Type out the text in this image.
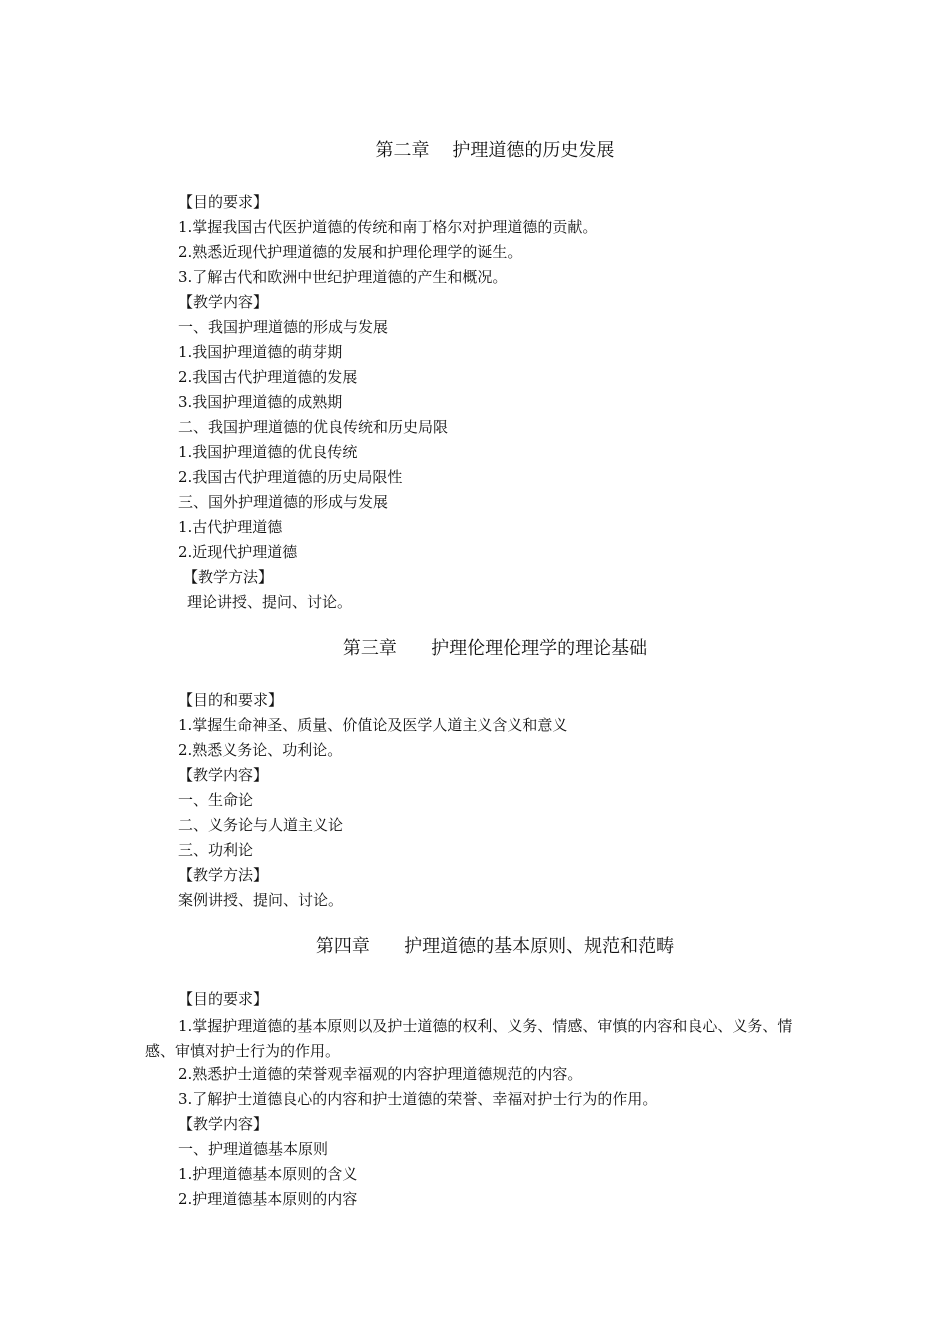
第二章    护理道德的历史发展
【目的要求】
1.掌握我国古代医护道德的传统和南丁格尔对护理道德的贡献。
2.熟悉近现代护理道德的发展和护理伦理学的诞生。
3.了解古代和欧洲中世纪护理道德的产生和概况。
【教学内容】
一、我国护理道德的形成与发展
1.我国护理道德的萌芽期
2.我国古代护理道德的发展
3.我国护理道德的成熟期
二、我国护理道德的优良传统和历史局限
1.我国护理道德的优良传统
2.我国古代护理道德的历史局限性
三、国外护理道德的形成与发展
1.古代护理道德
2.近现代护理道德
【教学方法】
理论讲授、提问、讨论。
第三章      护理伦理伦理学的理论基础
【目的和要求】
1.掌握生命神圣、质量、价值论及医学人道主义含义和意义
2.熟悉义务论、功利论。
【教学内容】
一、生命论
二、义务论与人道主义论
三、功利论
【教学方法】
案例讲授、提问、讨论。
第四章      护理道德的基本原则、规范和范畴
【目的要求】
1.掌握护理道德的基本原则以及护士道德的权利、义务、情感、审慎的内容和良心、义务、情感、审慎对护士行为的作用。
2.熟悉护士道德的荣誉观幸福观的内容护理道德规范的内容。
3.了解护士道德良心的内容和护士道德的荣誉、幸福对护士行为的作用。
【教学内容】
一、护理道德基本原则
1.护理道德基本原则的含义
2.护理道德基本原则的内容
